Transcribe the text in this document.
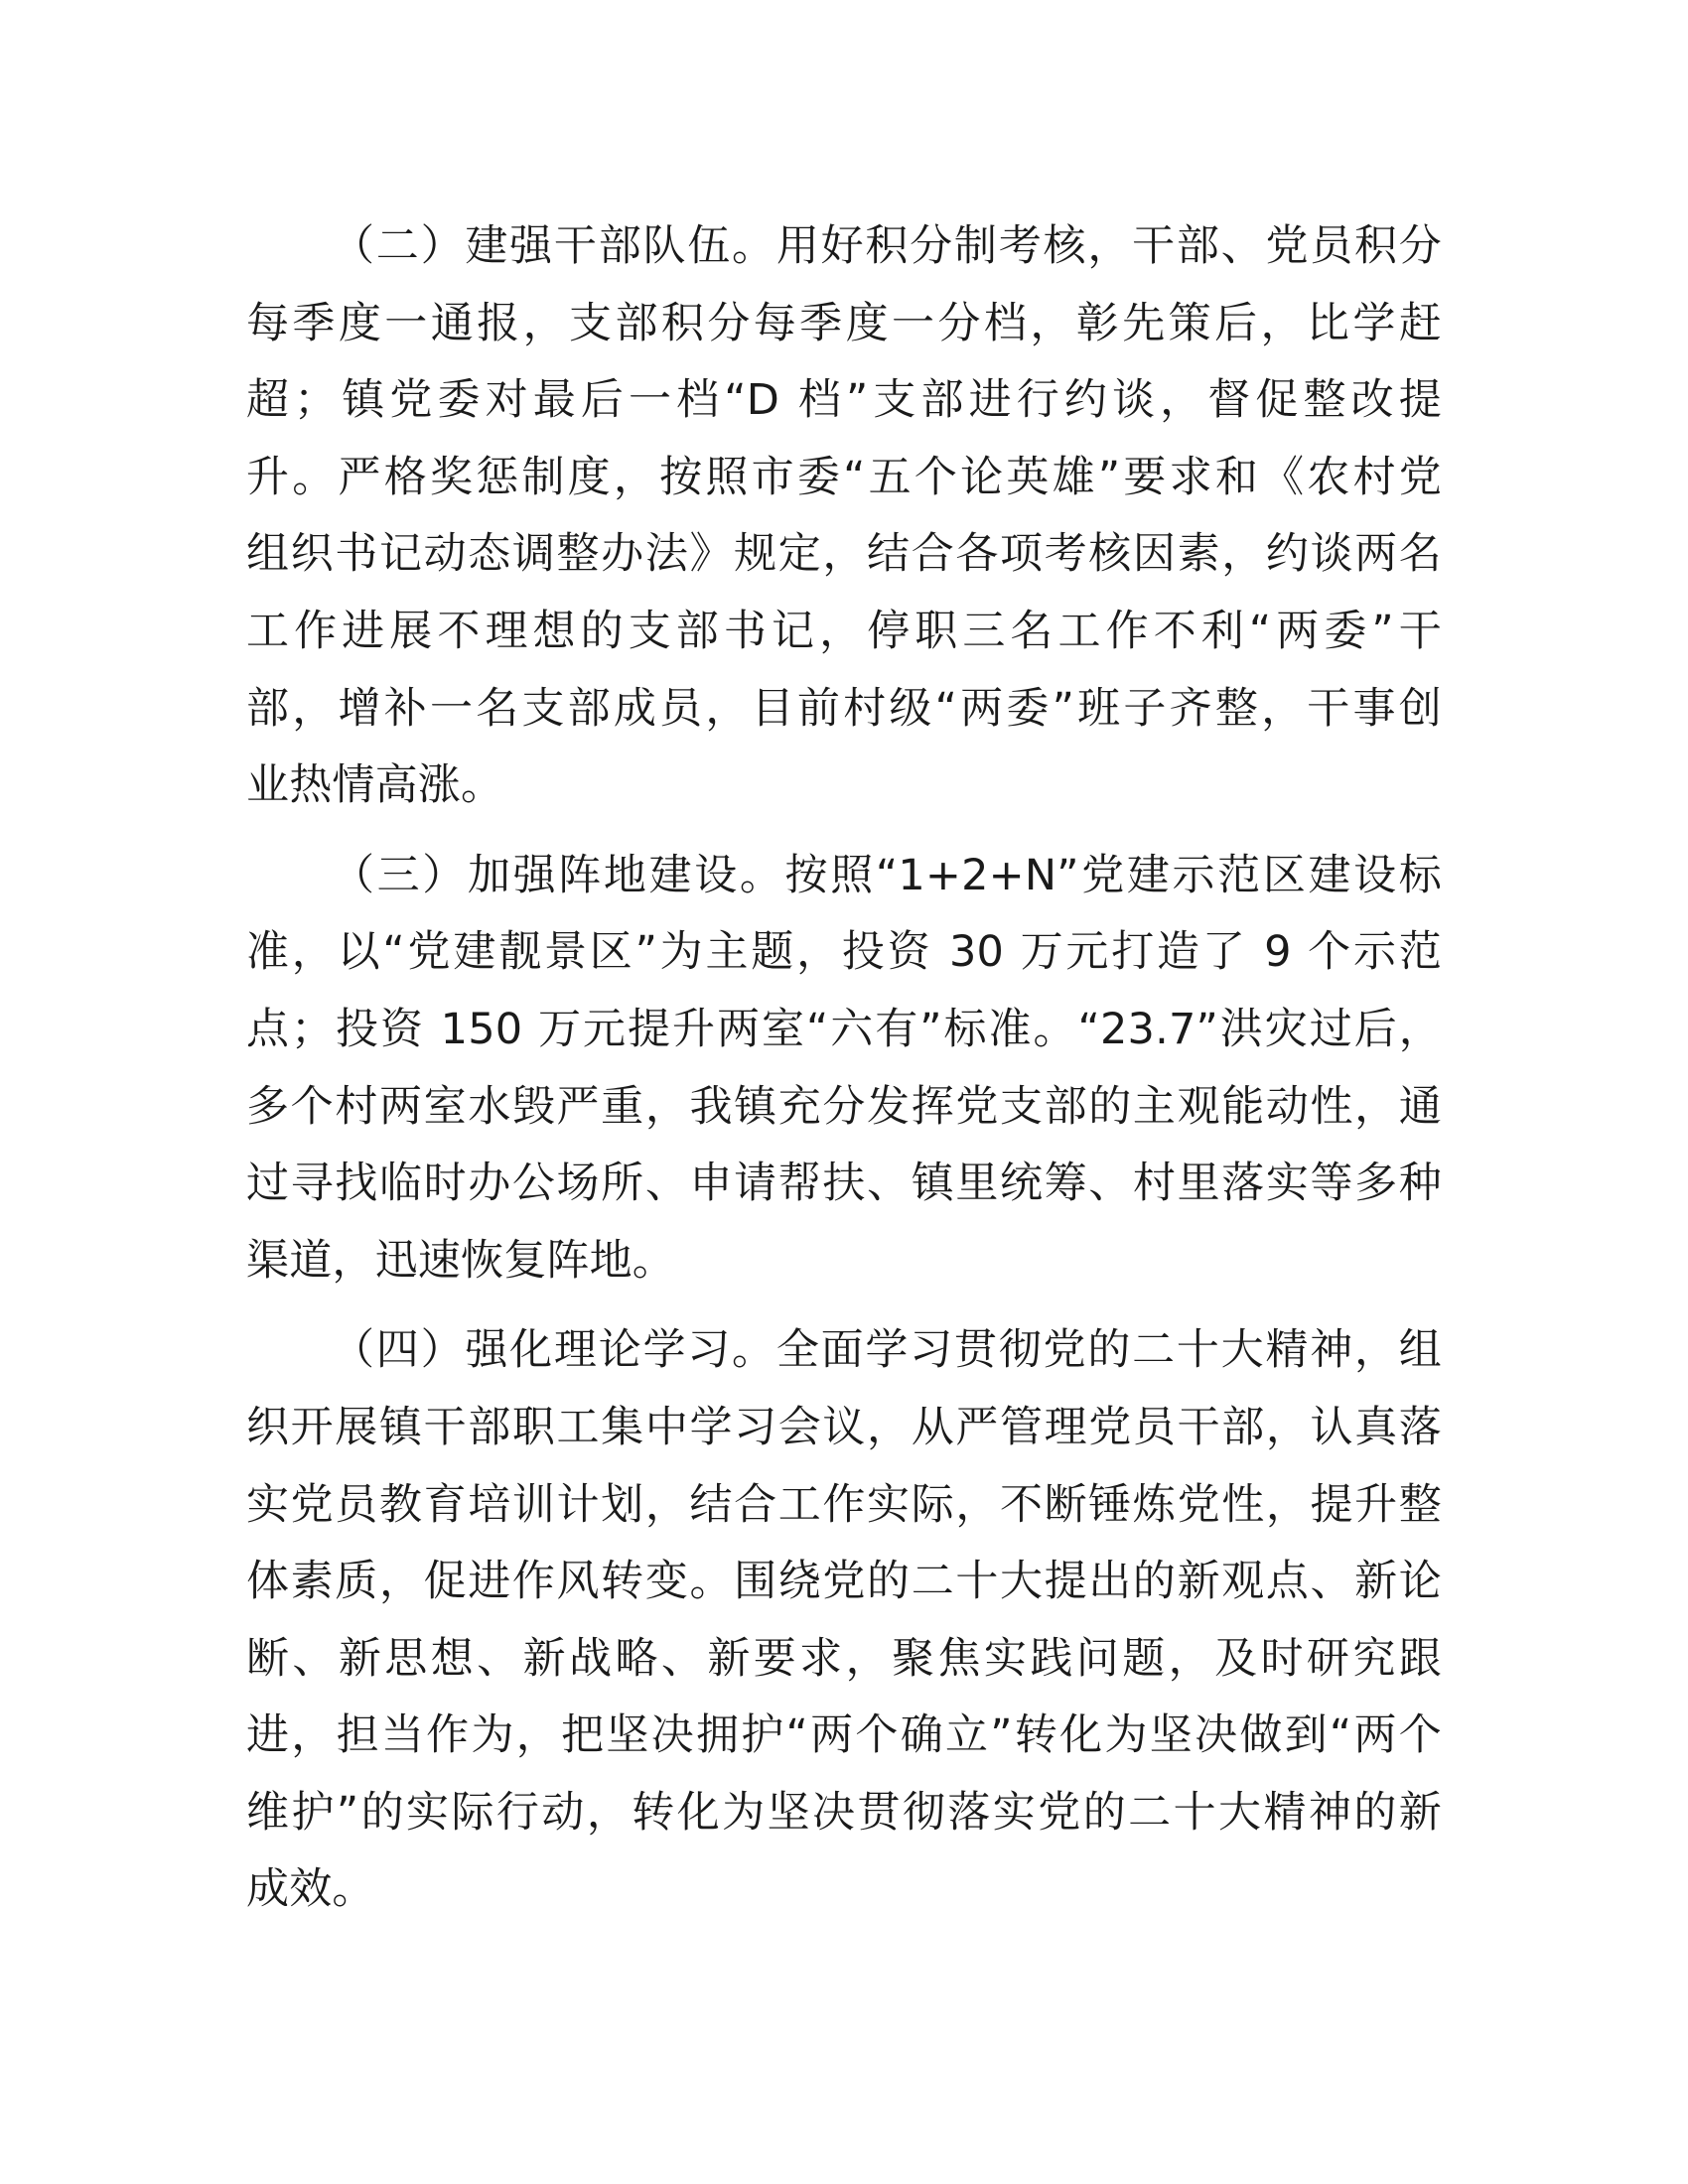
（二）建强干部队伍。用好积分制考核，干部、党员积分
每季度一通报，支部积分每季度一分档，彰先策后，比学赶
超；镇党委对最后一档“D 档”支部进行约谈，督促整改提
升。严格奖惩制度，按照市委“五个论英雄”要求和《农村党
组织书记动态调整办法》规定，结合各项考核因素，约谈两名
工作进展不理想的支部书记，停职三名工作不利“两委”干
部，增补一名支部成员，目前村级“两委”班子齐整，干事创
业热情高涨。

（三）加强阵地建设。按照“1+2+N”党建示范区建设标
准，以“党建靓景区”为主题，投资 30 万元打造了 9 个示范
点；投资 150 万元提升两室“六有”标准。“23.7”洪灾过后，
多个村两室水毁严重，我镇充分发挥党支部的主观能动性，通
过寻找临时办公场所、申请帮扶、镇里统筹、村里落实等多种
渠道，迅速恢复阵地。

（四）强化理论学习。全面学习贯彻党的二十大精神，组
织开展镇干部职工集中学习会议，从严管理党员干部，认真落
实党员教育培训计划，结合工作实际，不断锤炼党性，提升整
体素质，促进作风转变。围绕党的二十大提出的新观点、新论
断、新思想、新战略、新要求，聚焦实践问题，及时研究跟
进，担当作为，把坚决拥护“两个确立”转化为坚决做到“两个
维护”的实际行动，转化为坚决贯彻落实党的二十大精神的新
成效。
